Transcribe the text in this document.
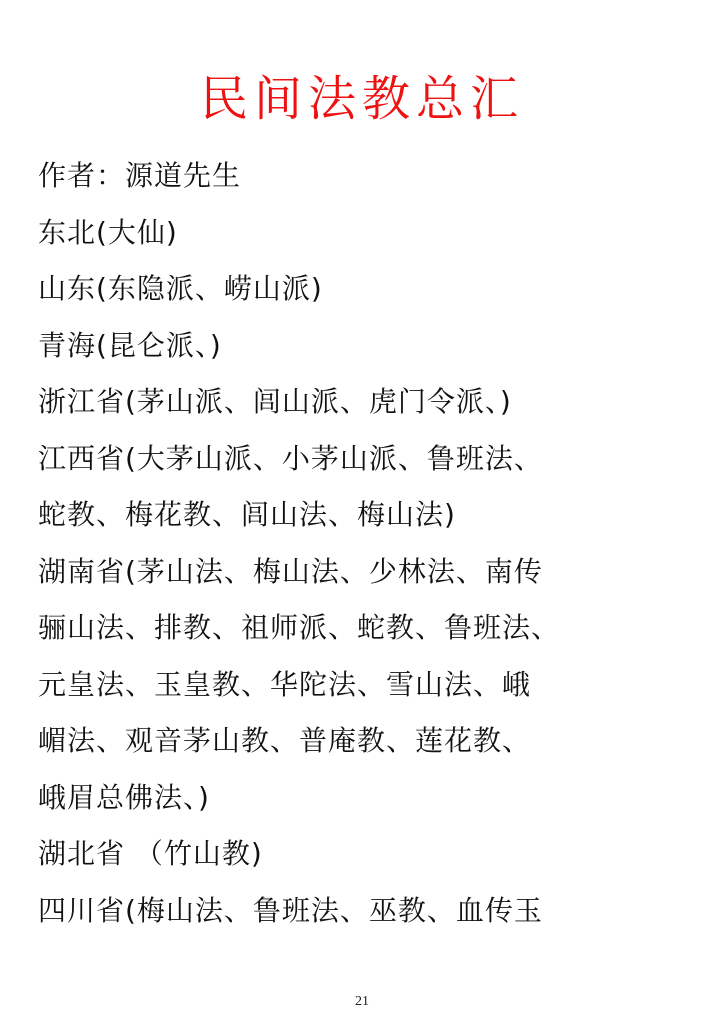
民间法教总汇
作者：源道先生
东北(大仙)
山东(东隐派、崂山派)
青海(昆仑派、)
浙江省(茅山派、闾山派、虎门令派、)
江西省(大茅山派、小茅山派、鲁班法、
蛇教、梅花教、闾山法、梅山法)
湖南省(茅山法、梅山法、少林法、南传
骊山法、排教、祖师派、蛇教、鲁班法、
元皇法、玉皇教、华陀法、雪山法、峨
嵋法、观音茅山教、普庵教、莲花教、
峨眉总佛法、)
湖北省 （竹山教)
四川省(梅山法、鲁班法、巫教、血传玉
21
